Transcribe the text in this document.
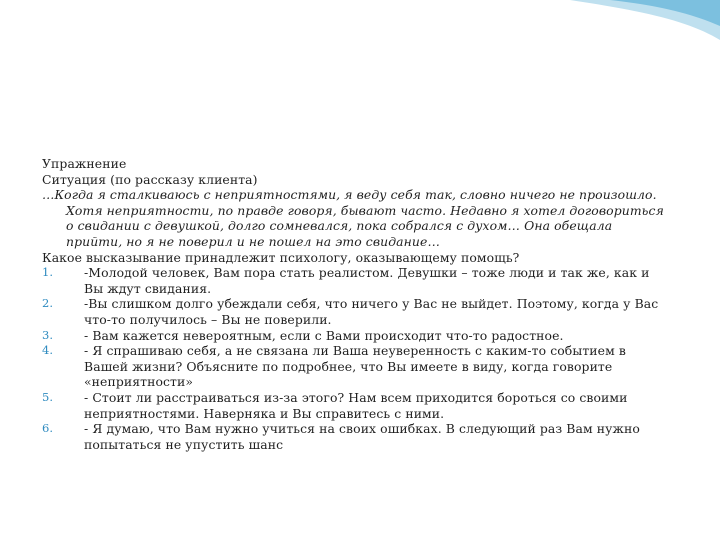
Упражнение

Ситуация (по рассказу клиента)

…Когда я сталкиваюсь с неприятностями, я веду себя так, словно ничего не произошло. Хотя неприятности, по правде говоря, бывают часто. Недавно я хотел договориться о свидании с девушкой, долго сомневался, пока собрался с духом… Она обещала прийти, но я не поверил и не пошел на это свидание…

Какое высказывание принадлежит психологу, оказывающему помощь?

1. -Молодой человек, Вам пора стать реалистом. Девушки – тоже люди и так же, как и Вы ждут свидания.
2. -Вы слишком долго убеждали себя, что ничего у Вас не выйдет. Поэтому, когда у Вас что-то получилось – Вы не поверили.
3. - Вам кажется невероятным, если с Вами происходит что-то радостное.
4. - Я спрашиваю себя, а не связана ли Ваша неуверенность с каким-то событием в Вашей жизни? Объясните по подробнее, что Вы имеете в виду, когда говорите «неприятности»
5. - Стоит ли расстраиваться из-за этого? Нам всем приходится бороться со своими
неприятностями. Наверняка и Вы справитесь с ними.
6. - Я думаю, что Вам нужно учиться на своих ошибках. В следующий раз Вам нужно попытаться не упустить шанс
